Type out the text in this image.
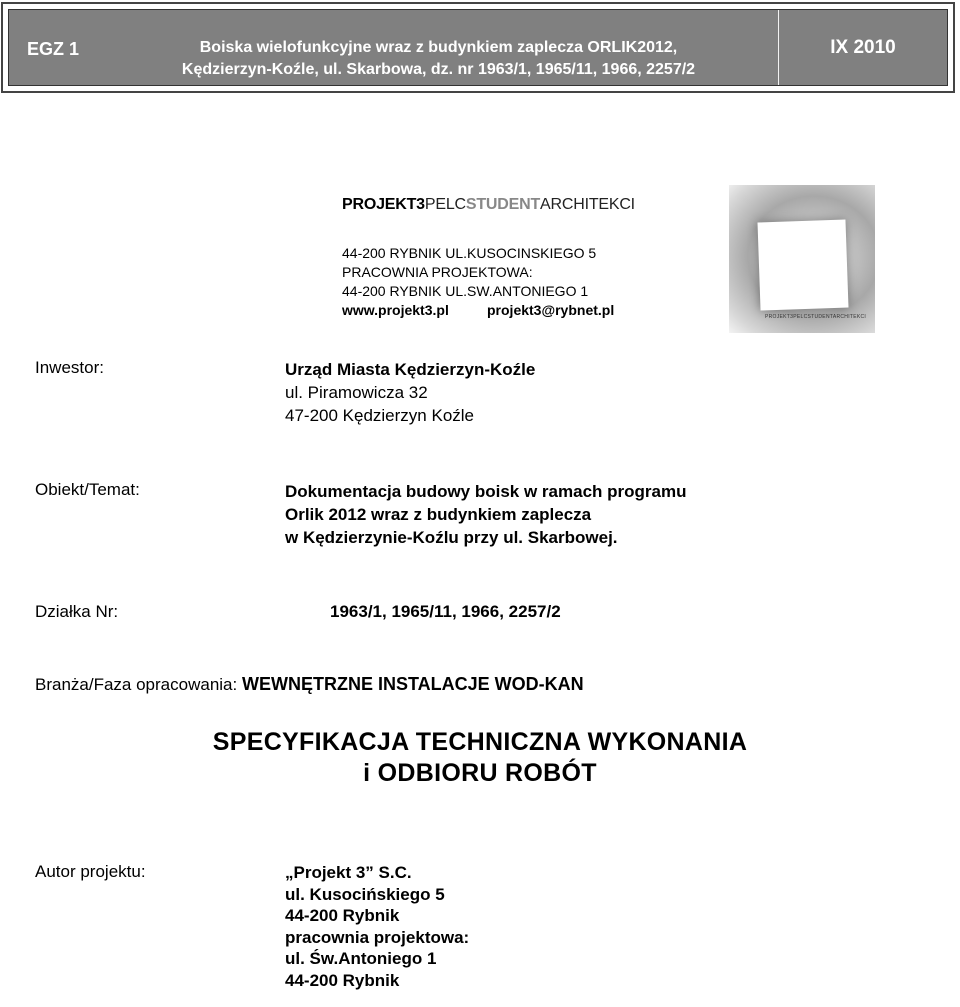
EGZ 1	Boiska wielofunkcyjne wraz z budynkiem zaplecza ORLIK2012,
Kędzierzyn-Koźle, ul. Skarbowa, dz. nr 1963/1, 1965/11, 1966, 2257/2
IX 2010
PROJEKT3PELCSTUDENTARCHITEKCI
44-200 RYBNIK UL.KUSOCINSKIEGO 5
PRACOWNIA PROJEKTOWA:
44-200 RYBNIK UL.SW.ANTONIEGO 1
www.projekt3.pl	projekt3@rybnet.pl	PROJEKT3PELCSTUDENTARCHITEKCI
Inwestor:	Urząd Miasta Kędzierzyn-Koźle
ul. Piramowicza 32
47-200 Kędzierzyn Koźle
Obiekt/Temat:	Dokumentacja budowy boisk w ramach programu
Orlik 2012 wraz z budynkiem zaplecza
w Kędzierzynie-Koźlu przy ul. Skarbowej.
Działka Nr:	1963/1, 1965/11, 1966, 2257/2
Branża/Faza opracowania: WEWNĘTRZNE INSTALACJE WOD-KAN
SPECYFIKACJA TECHNICZNA WYKONANIA
i ODBIORU ROBÓT
Autor projektu:	„Projekt 3” S.C.
ul. Kusocińskiego 5
44-200 Rybnik
pracownia projektowa:
ul. Św.Antoniego 1
44-200 Rybnik
